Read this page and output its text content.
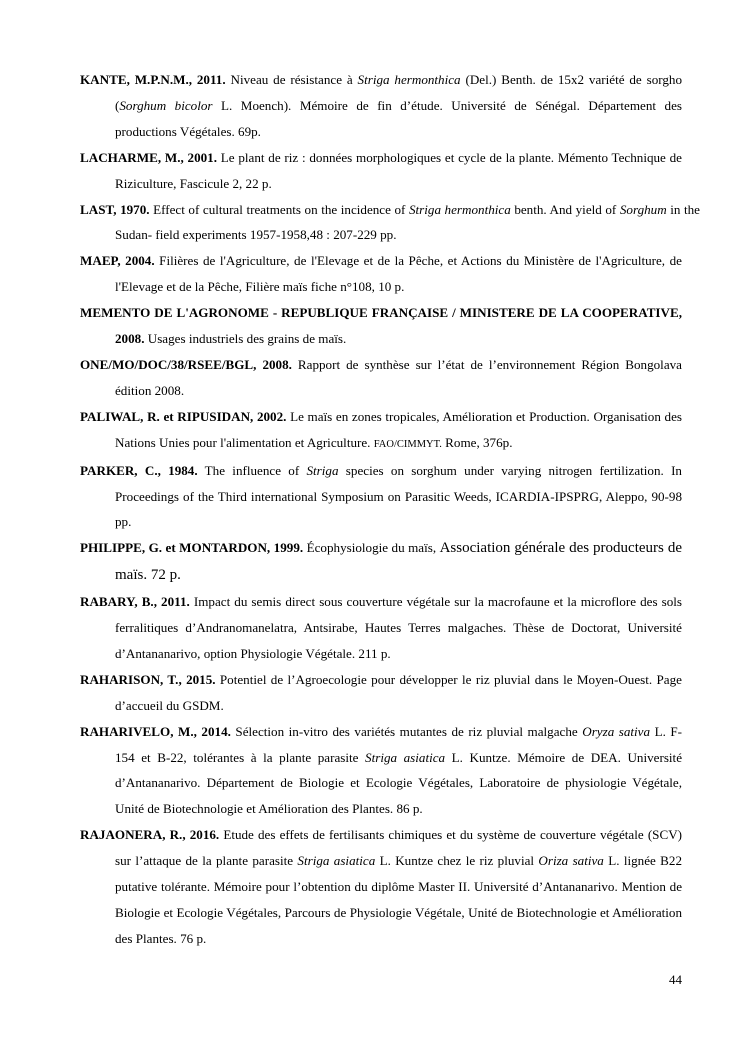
KANTE, M.P.N.M., 2011. Niveau de résistance à Striga hermonthica (Del.) Benth. de 15x2 variété de sorgho (Sorghum bicolor L. Moench). Mémoire de fin d’étude. Université de Sénégal. Département des productions Végétales. 69p.

LACHARME, M., 2001. Le plant de riz : données morphologiques et cycle de la plante. Mémento Technique de Riziculture, Fascicule 2, 22 p.

LAST, 1970. Effect of cultural treatments on the incidence of Striga hermonthica benth. And yield of Sorghum in the Sudan- field experiments 1957-1958,48 : 207-229 pp.

MAEP, 2004. Filières de l'Agriculture, de l'Elevage et de la Pêche, et Actions du Ministère de l'Agriculture, de l'Elevage et de la Pêche, Filière maïs fiche n°108, 10 p.

MEMENTO DE L'AGRONOME - REPUBLIQUE FRANÇAISE / MINISTERE DE LA COOPERATIVE, 2008. Usages industriels des grains de maïs.

ONE/MO/DOC/38/RSEE/BGL, 2008. Rapport de synthèse sur l’état de l’environnement Région Bongolava édition 2008.

PALIWAL, R. et RIPUSIDAN, 2002. Le maïs en zones tropicales, Amélioration et Production. Organisation des Nations Unies pour l'alimentation et Agriculture. FAO/CIMMYT. Rome, 376p.

PARKER, C., 1984. The influence of Striga species on sorghum under varying nitrogen fertilization. In Proceedings of the Third international Symposium on Parasitic Weeds, ICARDIA-IPSPRG, Aleppo, 90-98 pp.

PHILIPPE, G. et MONTARDON, 1999. Écophysiologie du maïs, Association générale des producteurs de maïs. 72 p.

RABARY, B., 2011. Impact du semis direct sous couverture végétale sur la macrofaune et la microflore des sols ferralitiques d’Andranomanelatra, Antsirabe, Hautes Terres malgaches. Thèse de Doctorat, Université d’Antananarivo, option Physiologie Végétale. 211 p.

RAHARISON, T., 2015. Potentiel de l’Agroecologie pour développer le riz pluvial dans le Moyen-Ouest. Page d’accueil du GSDM.

RAHARIVELO, M., 2014. Sélection in-vitro des variétés mutantes de riz pluvial malgache Oryza sativa L. F-154 et B-22, tolérantes à la plante parasite Striga asiatica L. Kuntze. Mémoire de DEA. Université d’Antananarivo. Département de Biologie et Ecologie Végétales, Laboratoire de physiologie Végétale, Unité de Biotechnologie et Amélioration des Plantes. 86 p.

RAJAONERA, R., 2016. Etude des effets de fertilisants chimiques et du système de couverture végétale (SCV) sur l’attaque de la plante parasite Striga asiatica L. Kuntze chez le riz pluvial Oriza sativa L. lignée B22 putative tolérante. Mémoire pour l’obtention du diplôme Master II. Université d’Antananarivo. Mention de Biologie et Ecologie Végétales, Parcours de Physiologie Végétale, Unité de Biotechnologie et Amélioration des Plantes. 76 p.

44
